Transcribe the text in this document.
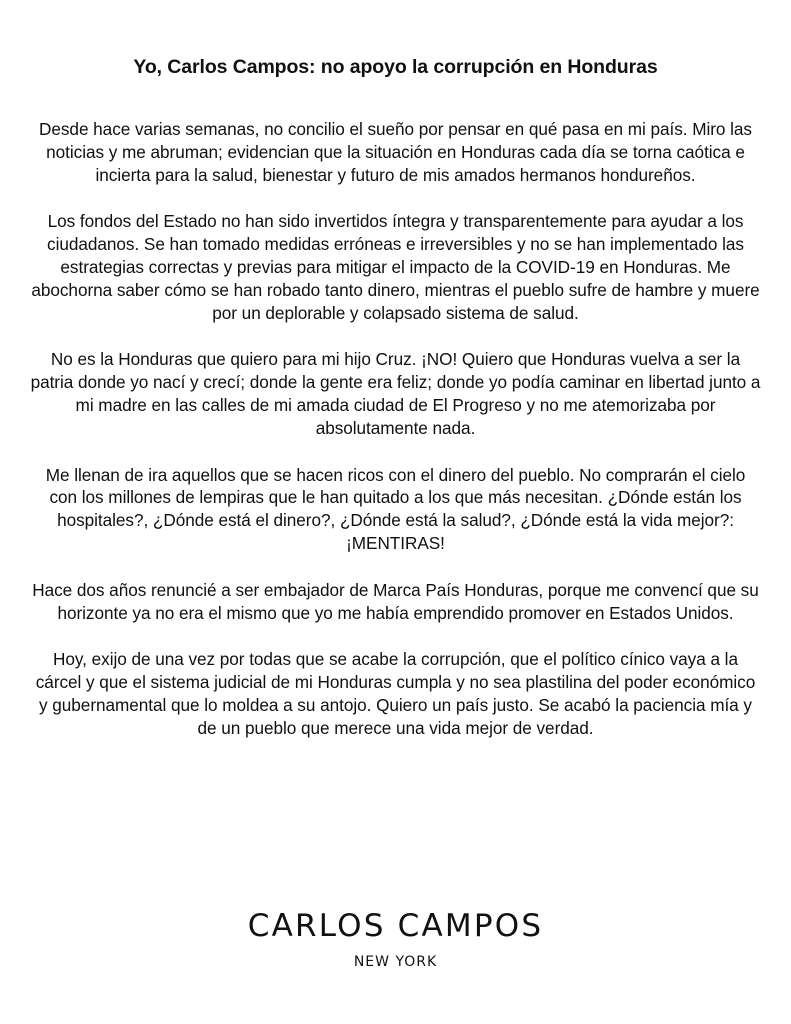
Yo, Carlos Campos: no apoyo la corrupción en Honduras

Desde hace varias semanas, no concilio el sueño por pensar en qué pasa en mi país. Miro las noticias y me abruman; evidencian que la situación en Honduras cada día se torna caótica e incierta para la salud, bienestar y futuro de mis amados hermanos hondureños.

Los fondos del Estado no han sido invertidos íntegra y transparentemente para ayudar a los ciudadanos. Se han tomado medidas erróneas e irreversibles y no se han implementado las estrategias correctas y previas para mitigar el impacto de la COVID-19 en Honduras. Me abochorna saber cómo se han robado tanto dinero, mientras el pueblo sufre de hambre y muere por un deplorable y colapsado sistema de salud.

No es la Honduras que quiero para mi hijo Cruz. ¡NO! Quiero que Honduras vuelva a ser la patria donde yo nací y crecí; donde la gente era feliz; donde yo podía caminar en libertad junto a mi madre en las calles de mi amada ciudad de El Progreso y no me atemorizaba por absolutamente nada.

Me llenan de ira aquellos que se hacen ricos con el dinero del pueblo. No comprarán el cielo con los millones de lempiras que le han quitado a los que más necesitan. ¿Dónde están los hospitales?, ¿Dónde está el dinero?, ¿Dónde está la salud?, ¿Dónde está la vida mejor?: ¡MENTIRAS!

Hace dos años renuncié a ser embajador de Marca País Honduras, porque me convencí que su horizonte ya no era el mismo que yo me había emprendido promover en Estados Unidos.

Hoy, exijo de una vez por todas que se acabe la corrupción, que el político cínico vaya a la cárcel y que el sistema judicial de mi Honduras cumpla y no sea plastilina del poder económico y gubernamental que lo moldea a su antojo. Quiero un país justo. Se acabó la paciencia mía y de un pueblo que merece una vida mejor de verdad.

CARLOS CAMPOS
NEW YORK
